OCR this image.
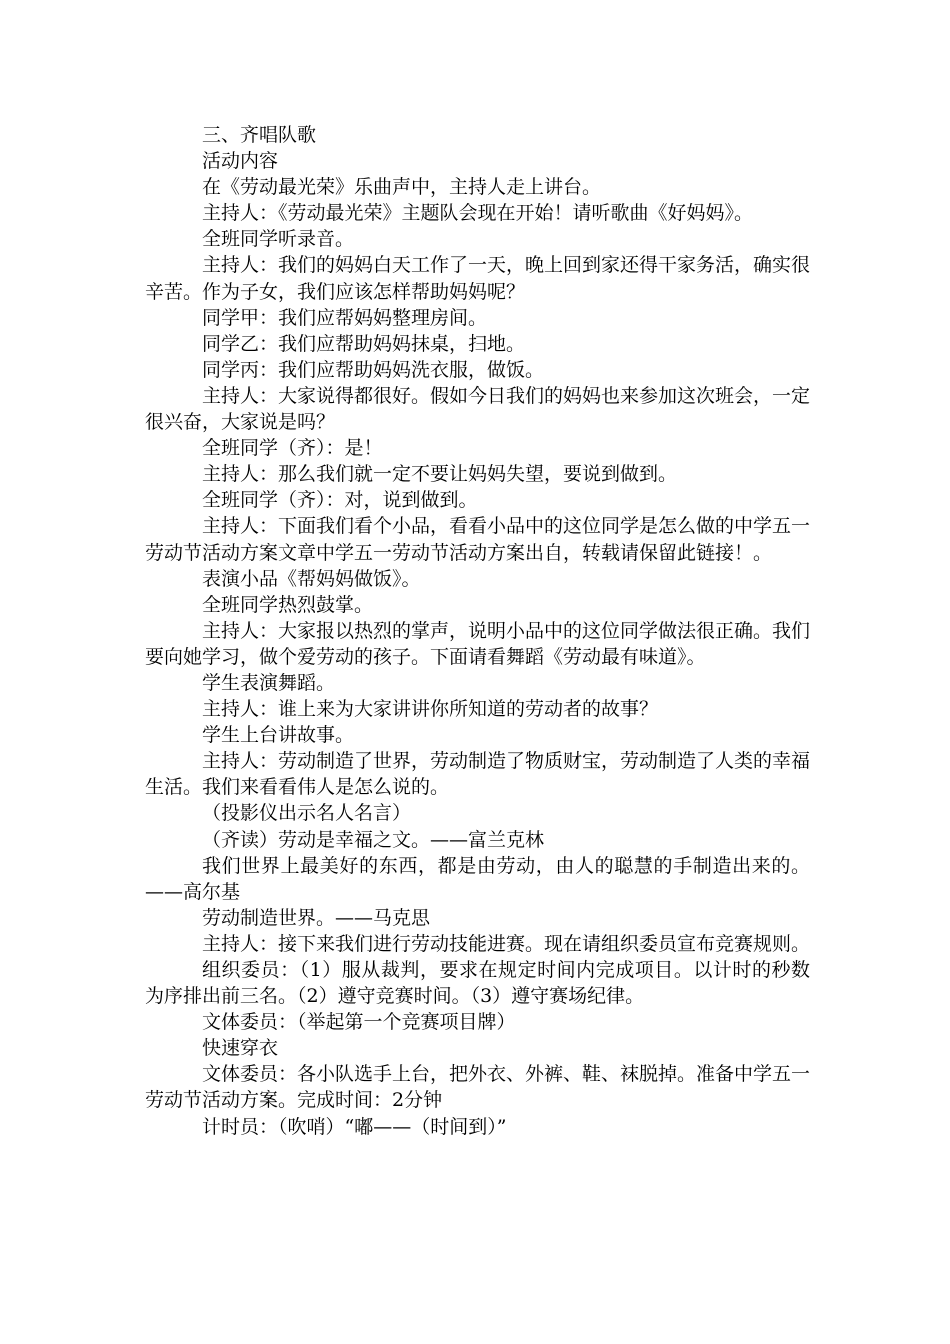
三、齐唱队歌

活动内容

在《劳动最光荣》乐曲声中，主持人走上讲台。

主持人：《劳动最光荣》主题队会现在开始！请听歌曲《好妈妈》。

全班同学听录音。

主持人：我们的妈妈白天工作了一天，晚上回到家还得干家务活，确实很辛苦。作为子女，我们应该怎样帮助妈妈呢？

同学甲：我们应帮妈妈整理房间。

同学乙：我们应帮助妈妈抹桌，扫地。

同学丙：我们应帮助妈妈洗衣服，做饭。

主持人：大家说得都很好。假如今日我们的妈妈也来参加这次班会，一定很兴奋，大家说是吗？

全班同学（齐）：是！

主持人：那么我们就一定不要让妈妈失望，要说到做到。

全班同学（齐）：对，说到做到。

主持人：下面我们看个小品，看看小品中的这位同学是怎么做的中学五一劳动节活动方案文章中学五一劳动节活动方案出自，转载请保留此链接！。

表演小品《帮妈妈做饭》。

全班同学热烈鼓掌。

主持人：大家报以热烈的掌声，说明小品中的这位同学做法很正确。我们要向她学习，做个爱劳动的孩子。下面请看舞蹈《劳动最有味道》。

学生表演舞蹈。

主持人：谁上来为大家讲讲你所知道的劳动者的故事？

学生上台讲故事。

主持人：劳动制造了世界，劳动制造了物质财宝，劳动制造了人类的幸福生活。我们来看看伟人是怎么说的。

（投影仪出示名人名言）

（齐读）劳动是幸福之文。——富兰克林

我们世界上最美好的东西，都是由劳动，由人的聪慧的手制造出来的。——高尔基

劳动制造世界。——马克思

主持人：接下来我们进行劳动技能进赛。现在请组织委员宣布竞赛规则。

组织委员：（1）服从裁判，要求在规定时间内完成项目。以计时的秒数为序排出前三名。（2）遵守竞赛时间。（3）遵守赛场纪律。

文体委员：（举起第一个竞赛项目牌）

快速穿衣

文体委员：各小队选手上台，把外衣、外裤、鞋、袜脱掉。准备中学五一劳动节活动方案。完成时间：2分钟

计时员：（吹哨）“嘟——（时间到）”
